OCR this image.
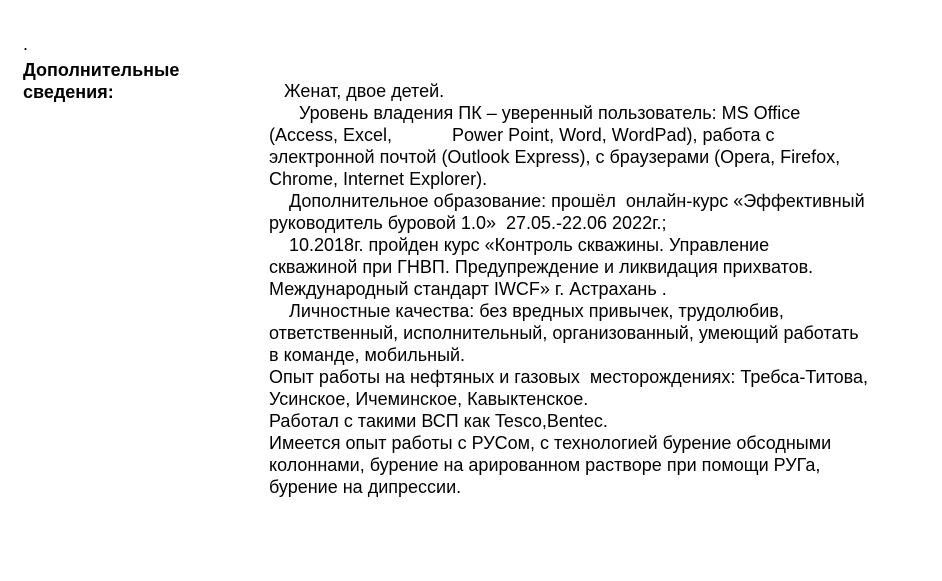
.
Дополнительные
сведения:	Женат, двое детей.
Уровень владения ПК – уверенный пользователь: MS Office
(Access, Excel,            Power Point, Word, WordPad), работа с
электронной почтой (Outlook Express), с браузерами (Opera, Firefox,
Chrome, Internet Explorer).
Дополнительное образование: прошёл  онлайн-курс «Эффективный
руководитель буровой 1.0»  27.05.-22.06 2022г.;
10.2018г. пройден курс «Контроль скважины. Управление
скважиной при ГНВП. Предупреждение и ликвидация прихватов.
Международный стандарт IWCF» г. Астрахань .
Личностные качества: без вредных привычек, трудолюбив,
ответственный, исполнительный, организованный, умеющий работать
в команде, мобильный.
Опыт работы на нефтяных и газовых  месторождениях: Требса-Титова,
Усинское, Ичеминское, Кавыктенское.
Работал с такими ВСП как Tesco,Bentec.
Имеется опыт работы с РУСом, с технологией бурение обсодными
колоннами, бурение на арированном растворе при помощи РУГа,
бурение на дипрессии.
